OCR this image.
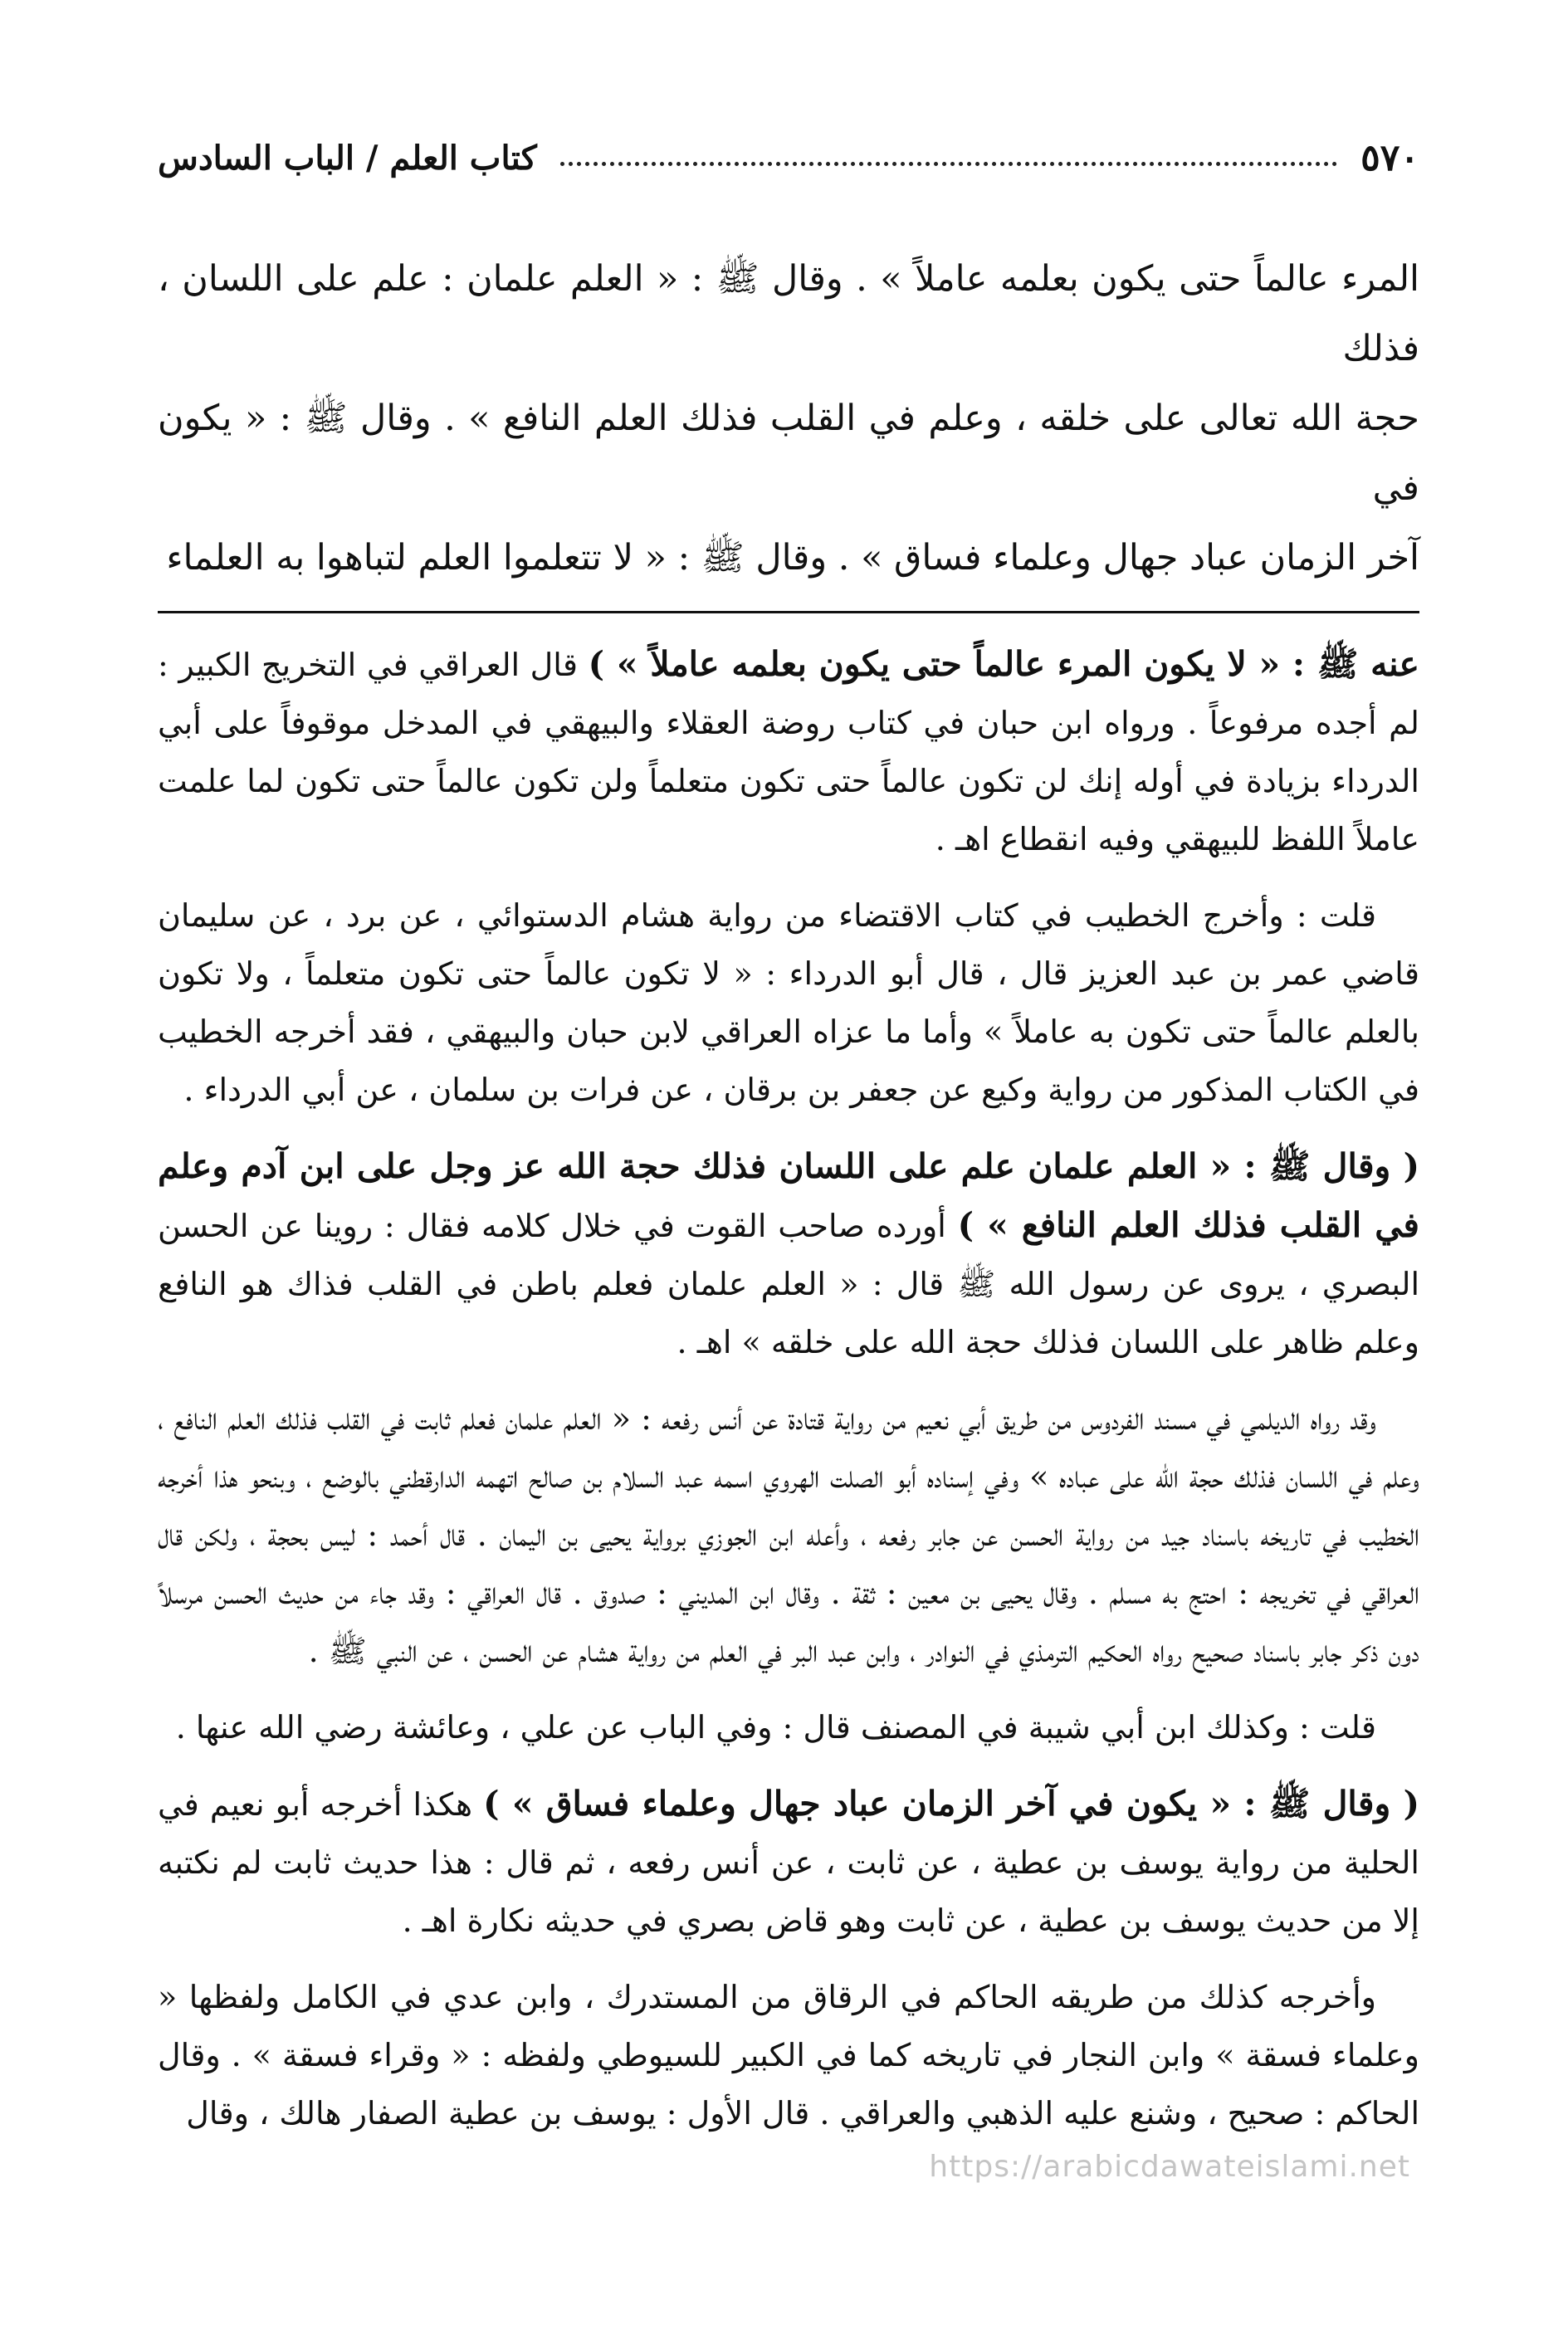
٥٧٠
كتاب العلم / الباب السادس

المرء عالماً حتى يكون بعلمه عاملاً » . وقال ﷺ : « العلم علمان : علم على اللسان ، فذلك

حجة الله تعالى على خلقه ، وعلم في القلب فذلك العلم النافع » . وقال ﷺ : « يكون في

آخر الزمان عباد جهال وعلماء فساق » . وقال ﷺ : « لا تتعلموا العلم لتباهوا به العلماء

عنه ﷺ : « لا يكون المرء عالماً حتى يكون بعلمه عاملاً » ) قال العراقي في التخريج الكبير : لم أجده مرفوعاً . ورواه ابن حبان في كتاب روضة العقلاء والبيهقي في المدخل موقوفاً على أبي الدرداء بزيادة في أوله إنك لن تكون عالماً حتى تكون متعلماً ولن تكون عالماً حتى تكون لما علمت عاملاً اللفظ للبيهقي وفيه انقطاع اهـ .

قلت : وأخرج الخطيب في كتاب الاقتضاء من رواية هشام الدستوائي ، عن برد ، عن سليمان قاضي عمر بن عبد العزيز قال ، قال أبو الدرداء : « لا تكون عالماً حتى تكون متعلماً ، ولا تكون بالعلم عالماً حتى تكون به عاملاً » وأما ما عزاه العراقي لابن حبان والبيهقي ، فقد أخرجه الخطيب في الكتاب المذكور من رواية وكيع عن جعفر بن برقان ، عن فرات بن سلمان ، عن أبي الدرداء .

( وقال ﷺ : « العلم علمان علم على اللسان فذلك حجة الله عز وجل على ابن آدم وعلم في القلب فذلك العلم النافع » ) أورده صاحب القوت في خلال كلامه فقال : روينا عن الحسن البصري ، يروى عن رسول الله ﷺ قال : « العلم علمان فعلم باطن في القلب فذاك هو النافع وعلم ظاهر على اللسان فذلك حجة الله على خلقه » اهـ .

وقد رواه الديلمي في مسند الفردوس من طريق أبي نعيم من رواية قتادة عن أنس رفعه : « العلم علمان فعلم ثابت في القلب فذلك العلم النافع ، وعلم في اللسان فذلك حجة الله على عباده » وفي إسناده أبو الصلت الهروي اسمه عبد السلام بن صالح اتهمه الدارقطني بالوضع ، وبنحو هذا أخرجه الخطيب في تاريخه باسناد جيد من رواية الحسن عن جابر رفعه ، وأعله ابن الجوزي برواية يحيى بن اليمان . قال أحمد : ليس بحجة ، ولكن قال العراقي في تخريجه : احتج به مسلم . وقال يحيى بن معين : ثقة . وقال ابن المديني : صدوق . قال العراقي : وقد جاء من حديث الحسن مرسلاً دون ذكر جابر باسناد صحيح رواه الحكيم الترمذي في النوادر ، وابن عبد البر في العلم من رواية هشام عن الحسن ، عن النبي ﷺ .

قلت : وكذلك ابن أبي شيبة في المصنف قال : وفي الباب عن علي ، وعائشة رضي الله عنها .

( وقال ﷺ : « يكون في آخر الزمان عباد جهال وعلماء فساق » ) هكذا أخرجه أبو نعيم في الحلية من رواية يوسف بن عطية ، عن ثابت ، عن أنس رفعه ، ثم قال : هذا حديث ثابت لم نكتبه إلا من حديث يوسف بن عطية ، عن ثابت وهو قاض بصري في حديثه نكارة اهـ .

وأخرجه كذلك من طريقه الحاكم في الرقاق من المستدرك ، وابن عدي في الكامل ولفظها « وعلماء فسقة » وابن النجار في تاريخه كما في الكبير للسيوطي ولفظه : « وقراء فسقة » . وقال الحاكم : صحيح ، وشنع عليه الذهبي والعراقي . قال الأول : يوسف بن عطية الصفار هالك ، وقال

https://arabicdawateislami.net
